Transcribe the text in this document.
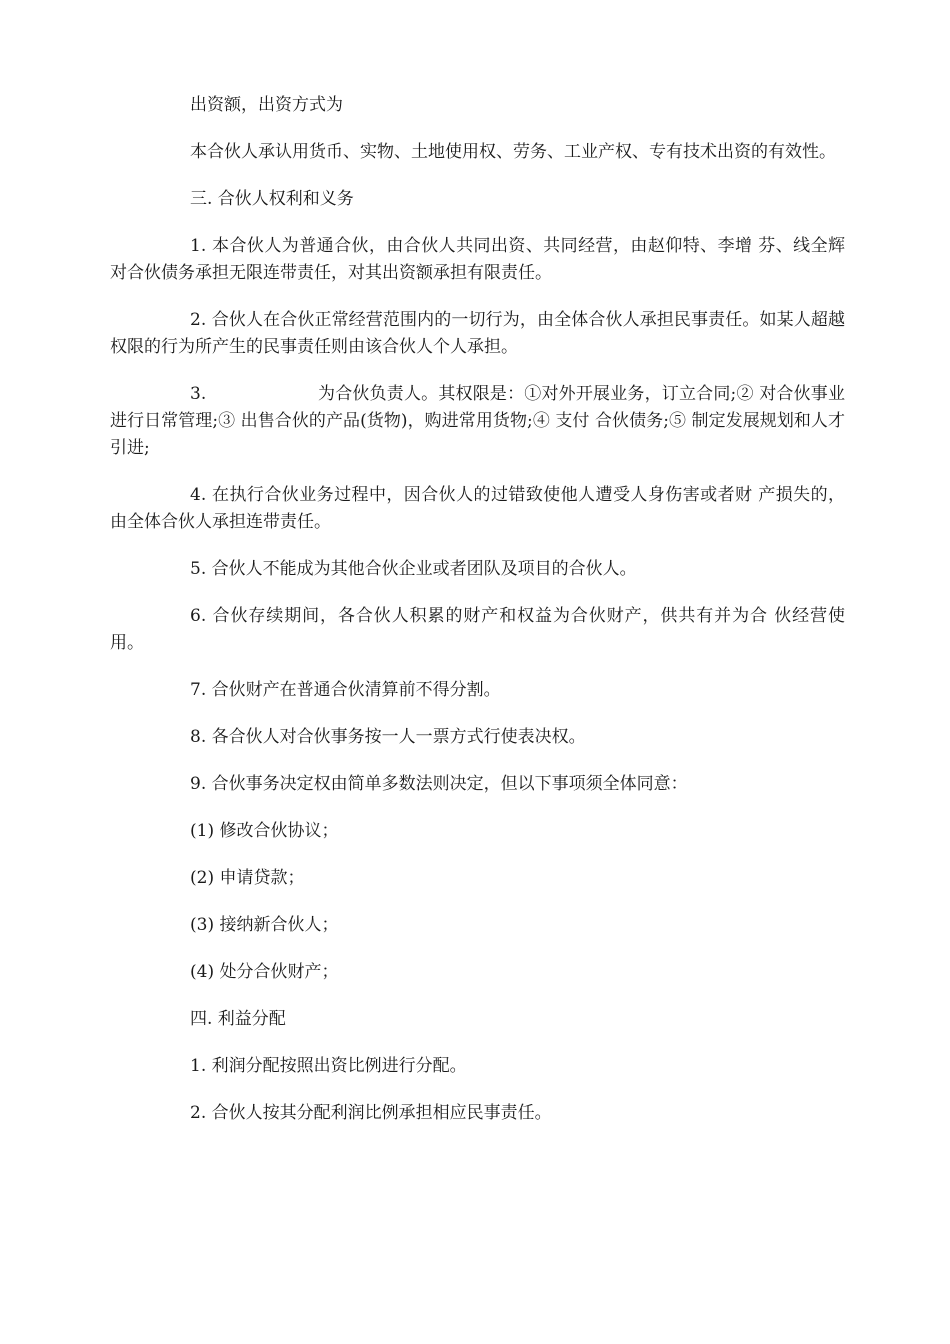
出资额，出资方式为

本合伙人承认用货币、实物、土地使用权、劳务、工业产权、专有技术出资的有效性。

三. 合伙人权利和义务

1. 本合伙人为普通合伙，由合伙人共同出资、共同经营，由赵仰特、李增 芬、线全辉对合伙债务承担无限连带责任，对其出资额承担有限责任。

2. 合伙人在合伙正常经营范围内的一切行为，由全体合伙人承担民事责任。如某人超越权限的行为所产生的民事责任则由该合伙人个人承担。

3.                    为合伙负责人。其权限是：①对外开展业务，订立合同;② 对合伙事业进行日常管理;③ 出售合伙的产品(货物)，购进常用货物;④ 支付 合伙债务;⑤ 制定发展规划和人才引进;

4. 在执行合伙业务过程中，因合伙人的过错致使他人遭受人身伤害或者财 产损失的，由全体合伙人承担连带责任。

5. 合伙人不能成为其他合伙企业或者团队及项目的合伙人。

6. 合伙存续期间，各合伙人积累的财产和权益为合伙财产，供共有并为合 伙经营使用。

7. 合伙财产在普通合伙清算前不得分割。

8. 各合伙人对合伙事务按一人一票方式行使表决权。

9. 合伙事务决定权由简单多数法则决定，但以下事项须全体同意：

(1) 修改合伙协议；

(2) 申请贷款；

(3) 接纳新合伙人；

(4) 处分合伙财产；

四. 利益分配

1. 利润分配按照出资比例进行分配。

2. 合伙人按其分配利润比例承担相应民事责任。
